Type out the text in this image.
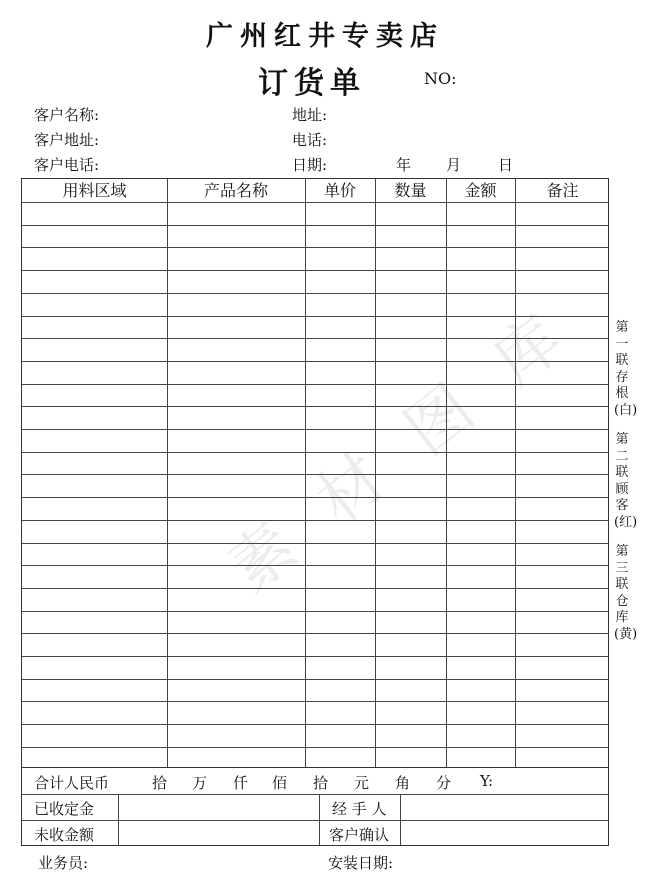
素 材 图 库
广州红井专卖店
订货单	NO:
客户名称:	地址:
客户地址:	电话:
客户电话:	日期:	年 月 日
用料区域	产品名称	单价	数量	金额	备注
合计人民币	拾 万 仟 佰 拾 元 角 分 Y:
已收定金	经 手 人
未收金额	客户确认
业务员:	安装日期:
第一联存根(白)
第二联顾客(红)
第三联仓库(黄)
